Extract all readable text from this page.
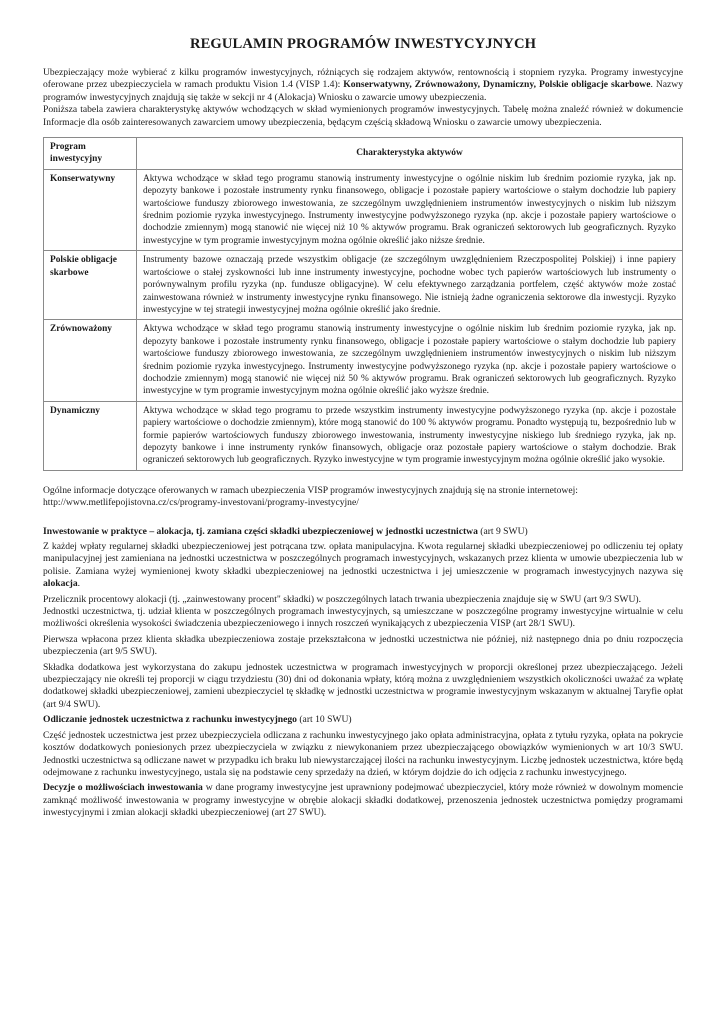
REGULAMIN PROGRAMÓW INWESTYCYJNYCH

Ubezpieczający może wybierać z kilku programów inwestycyjnych, różniących się rodzajem aktywów, rentownością i stopniem ryzyka. Programy inwestycyjne oferowane przez ubezpieczyciela w ramach produktu Vision 1.4 (VISP 1.4): Konserwatywny, Zrównoważony, Dynamiczny, Polskie obligacje skarbowe. Nazwy programów inwestycyjnych znajdują się także w sekcji nr 4 (Alokacja) Wniosku o zawarcie umowy ubezpieczenia.

Poniższa tabela zawiera charakterystykę aktywów wchodzących w skład wymienionych programów inwestycyjnych. Tabelę można znaleźć również w dokumencie Informacje dla osób zainteresowanych zawarciem umowy ubezpieczenia, będącym częścią składową Wniosku o zawarcie umowy ubezpieczenia.

Program inwestycyjny	Charakterystyka aktywów
Konserwatywny	Aktywa wchodzące w skład tego programu stanowią instrumenty inwestycyjne o ogólnie niskim lub średnim poziomie ryzyka, jak np. depozyty bankowe i pozostałe instrumenty rynku finansowego, obligacje i pozostałe papiery wartościowe o stałym dochodzie lub papiery wartościowe funduszy zbiorowego inwestowania, ze szczególnym uwzględnieniem instrumentów inwestycyjnych o niskim lub niższym średnim poziomie ryzyka inwestycyjnego. Instrumenty inwestycyjne podwyższonego ryzyka (np. akcje i pozostałe papiery wartościowe o dochodzie zmiennym) mogą stanowić nie więcej niż 10 % aktywów programu. Brak ograniczeń sektorowych lub geograficznych. Ryzyko inwestycyjne w tym programie inwestycyjnym można ogólnie określić jako niższe średnie.
Polskie obligacje skarbowe	Instrumenty bazowe oznaczają przede wszystkim obligacje (ze szczególnym uwzględnieniem Rzeczpospolitej Polskiej) i inne papiery wartościowe o stałej zyskowności lub inne instrumenty inwestycyjne, pochodne wobec tych papierów wartościowych lub instrumenty o porównywalnym profilu ryzyka (np. fundusze obligacyjne). W celu efektywnego zarządzania portfelem, część aktywów może zostać zainwestowana również w instrumenty inwestycyjne rynku finansowego. Nie istnieją żadne ograniczenia sektorowe dla inwestycji. Ryzyko inwestycyjne w tej strategii inwestycyjnej można ogólnie określić jako średnie.
Zrównoważony	Aktywa wchodzące w skład tego programu stanowią instrumenty inwestycyjne o ogólnie niskim lub średnim poziomie ryzyka, jak np. depozyty bankowe i pozostałe instrumenty rynku finansowego, obligacje i pozostałe papiery wartościowe o stałym dochodzie lub papiery wartościowe funduszy zbiorowego inwestowania, ze szczególnym uwzględnieniem instrumentów inwestycyjnych o niskim lub niższym średnim poziomie ryzyka inwestycyjnego. Instrumenty inwestycyjne podwyższonego ryzyka (np. akcje i pozostałe papiery wartościowe o dochodzie zmiennym) mogą stanowić nie więcej niż 50 % aktywów programu. Brak ograniczeń sektorowych lub geograficznych. Ryzyko inwestycyjne w tym programie inwestycyjnym można ogólnie określić jako wyższe średnie.
Dynamiczny	Aktywa wchodzące w skład tego programu to przede wszystkim instrumenty inwestycyjne podwyższonego ryzyka (np. akcje i pozostałe papiery wartościowe o dochodzie zmiennym), które mogą stanowić do 100 % aktywów programu. Ponadto występują tu, bezpośrednio lub w formie papierów wartościowych funduszy zbiorowego inwestowania, instrumenty inwestycyjne niskiego lub średniego ryzyka, jak np. depozyty bankowe i inne instrumenty rynków finansowych, obligacje oraz pozostałe papiery wartościowe o stałym dochodzie. Brak ograniczeń sektorowych lub geograficznych. Ryzyko inwestycyjne w tym programie inwestycyjnym można ogólnie określić jako wysokie.

Ogólne informacje dotyczące oferowanych w ramach ubezpieczenia VISP programów inwestycyjnych znajdują się na stronie internetowej:
http://www.metlifepojistovna.cz/cs/programy-investovani/programy-investycyjne/

Inwestowanie w praktyce – alokacja, tj. zamiana części składki ubezpieczeniowej w jednostki uczestnictwa (art 9 SWU)

Z każdej wpłaty regularnej składki ubezpieczeniowej jest potrącana tzw. opłata manipulacyjna. Kwota regularnej składki ubezpieczeniowej po odliczeniu tej opłaty manipulacyjnej jest zamieniana na jednostki uczestnictwa w poszczególnych programach inwestycyjnych, wskazanych przez klienta w umowie ubezpieczenia lub w polisie. Zamiana wyżej wymienionej kwoty składki ubezpieczeniowej na jednostki uczestnictwa i jej umieszczenie w programach inwestycyjnych nazywa się alokacja.

Przelicznik procentowy alokacji (tj. „zainwestowany procent" składki) w poszczególnych latach trwania ubezpieczenia znajduje się w SWU (art 9/3 SWU).

Jednostki uczestnictwa, tj. udział klienta w poszczególnych programach inwestycyjnych, są umieszczane w poszczególne programy inwestycyjne wirtualnie w celu możliwości określenia wysokości świadczenia ubezpieczeniowego i innych roszczeń wynikających z ubezpieczenia VISP (art 28/1 SWU).

Pierwsza wpłacona przez klienta składka ubezpieczeniowa zostaje przekształcona w jednostki uczestnictwa nie później, niż następnego dnia po dniu rozpoczęcia ubezpieczenia (art 9/5 SWU).

Składka dodatkowa jest wykorzystana do zakupu jednostek uczestnictwa w programach inwestycyjnych w proporcji określonej przez ubezpieczającego. Jeżeli ubezpieczający nie określi tej proporcji w ciągu trzydziestu (30) dni od dokonania wpłaty, którą można z uwzględnieniem wszystkich okoliczności uważać za wpłatę dodatkowej składki ubezpieczeniowej, zamieni ubezpieczyciel tę składkę w jednostki uczestnictwa w programie inwestycyjnym wskazanym w aktualnej Taryfie opłat (art 9/4 SWU).

Odliczanie jednostek uczestnictwa z rachunku inwestycyjnego (art 10 SWU)

Część jednostek uczestnictwa jest przez ubezpieczyciela odliczana z rachunku inwestycyjnego jako opłata administracyjna, opłata z tytułu ryzyka, opłata na pokrycie kosztów dodatkowych poniesionych przez ubezpieczyciela w związku z niewykonaniem przez ubezpieczającego obowiązków wymienionych w art 10/3 SWU. Jednostki uczestnictwa są odliczane nawet w przypadku ich braku lub niewystarczającej ilości na rachunku inwestycyjnym. Liczbę jednostek uczestnictwa, które będą odejmowane z rachunku inwestycyjnego, ustala się na podstawie ceny sprzedaży na dzień, w którym dojdzie do ich odjęcia z rachunku inwestycyjnego.

Decyzje o możliwościach inwestowania w dane programy inwestycyjne jest uprawniony podejmować ubezpieczyciel, który może również w dowolnym momencie zamknąć możliwość inwestowania w programy inwestycyjne w obrębie alokacji składki dodatkowej, przenoszenia jednostek uczestnictwa pomiędzy programami inwestycyjnymi i zmian alokacji składki ubezpieczeniowej (art 27 SWU).
